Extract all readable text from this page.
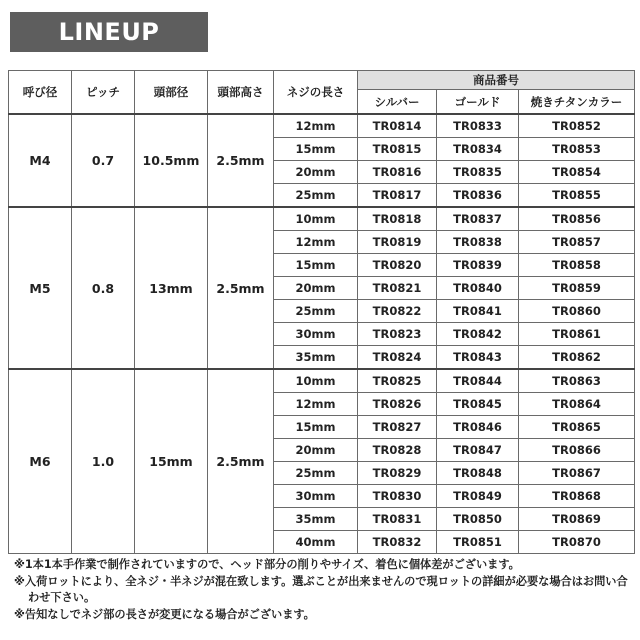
LINEUP
呼び径	ピッチ	頭部径	頭部高さ	ネジの長さ	商品番号		
					シルバー	ゴールド	焼きチタンカラー
M4	0.7	10.5mm	2.5mm	12mm	TR0814	TR0833	TR0852
				15mm	TR0815	TR0834	TR0853
				20mm	TR0816	TR0835	TR0854
				25mm	TR0817	TR0836	TR0855
M5	0.8	13mm	2.5mm	10mm	TR0818	TR0837	TR0856
				12mm	TR0819	TR0838	TR0857
				15mm	TR0820	TR0839	TR0858
				20mm	TR0821	TR0840	TR0859
				25mm	TR0822	TR0841	TR0860
				30mm	TR0823	TR0842	TR0861
				35mm	TR0824	TR0843	TR0862
M6	1.0	15mm	2.5mm	10mm	TR0825	TR0844	TR0863
				12mm	TR0826	TR0845	TR0864
				15mm	TR0827	TR0846	TR0865
				20mm	TR0828	TR0847	TR0866
				25mm	TR0829	TR0848	TR0867
				30mm	TR0830	TR0849	TR0868
				35mm	TR0831	TR0850	TR0869
				40mm	TR0832	TR0851	TR0870
※1本1本手作業で制作されていますので、ヘッド部分の削りやサイズ、着色に個体差がございます。
※入荷ロットにより、全ネジ・半ネジが混在致します。選ぶことが出来ませんので現ロットの詳細が必要な場合はお問い合わせ下さい。
※告知なしでネジ部の長さが変更になる場合がございます。
